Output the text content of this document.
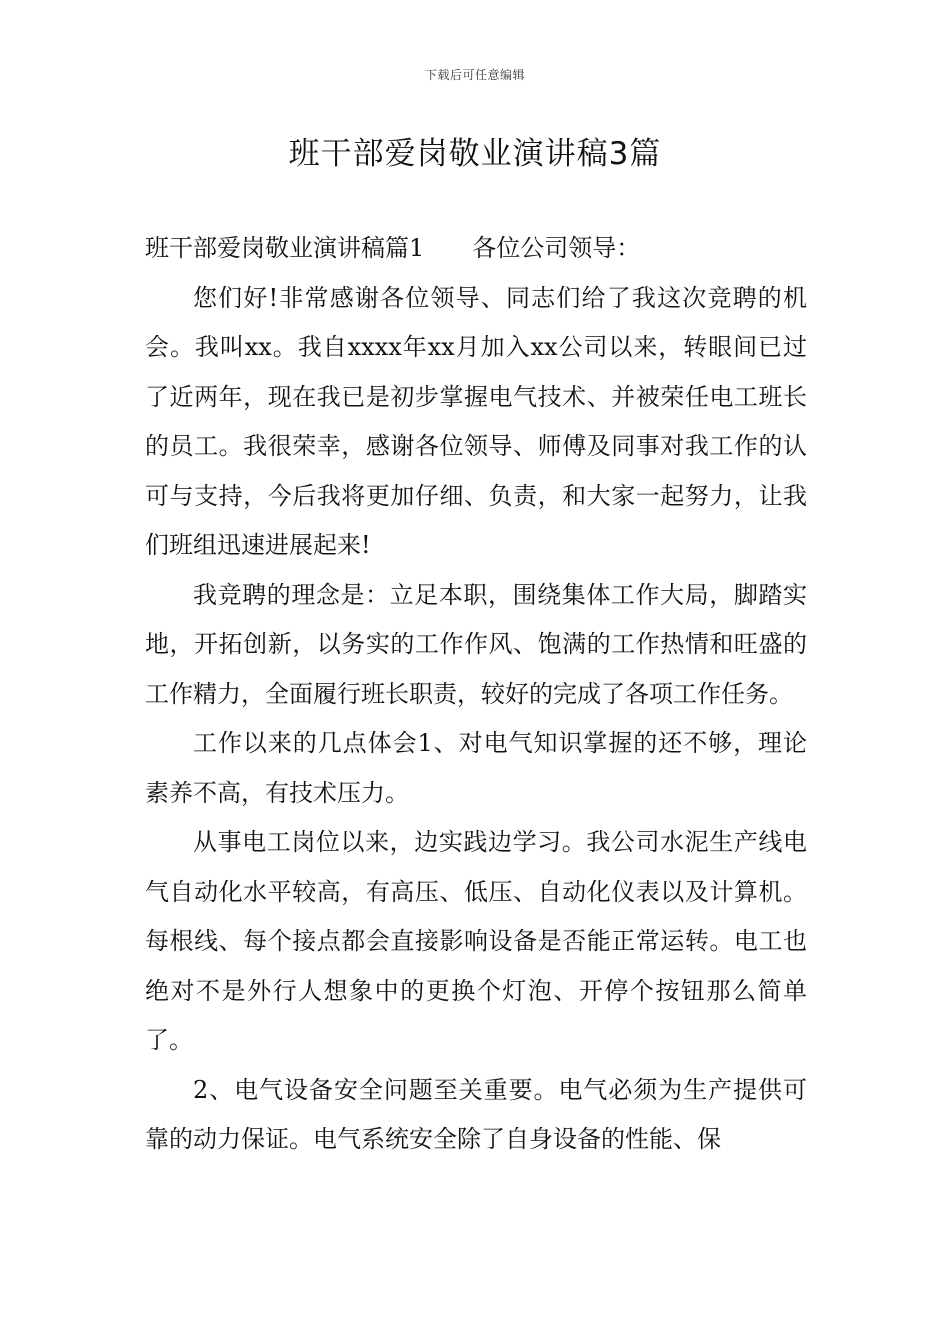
下载后可任意编辑
班干部爱岗敬业演讲稿3篇

班干部爱岗敬业演讲稿篇1 各位公司领导：

您们好!非常感谢各位领导、同志们给了我这次竞聘的机会。我叫xx。我自xxxx年xx月加入xx公司以来，转眼间已过了近两年，现在我已是初步掌握电气技术、并被荣任电工班长的员工。我很荣幸，感谢各位领导、师傅及同事对我工作的认可与支持，今后我将更加仔细、负责，和大家一起努力，让我们班组迅速进展起来!

我竞聘的理念是：立足本职，围绕集体工作大局，脚踏实地，开拓创新，以务实的工作作风、饱满的工作热情和旺盛的工作精力，全面履行班长职责，较好的完成了各项工作任务。

工作以来的几点体会1、对电气知识掌握的还不够，理论素养不高，有技术压力。

从事电工岗位以来，边实践边学习。我公司水泥生产线电气自动化水平较高，有高压、低压、自动化仪表以及计算机。每根线、每个接点都会直接影响设备是否能正常运转。电工也绝对不是外行人想象中的更换个灯泡、开停个按钮那么简单了。

2、电气设备安全问题至关重要。电气必须为生产提供可靠的动力保证。电气系统安全除了自身设备的性能、保
